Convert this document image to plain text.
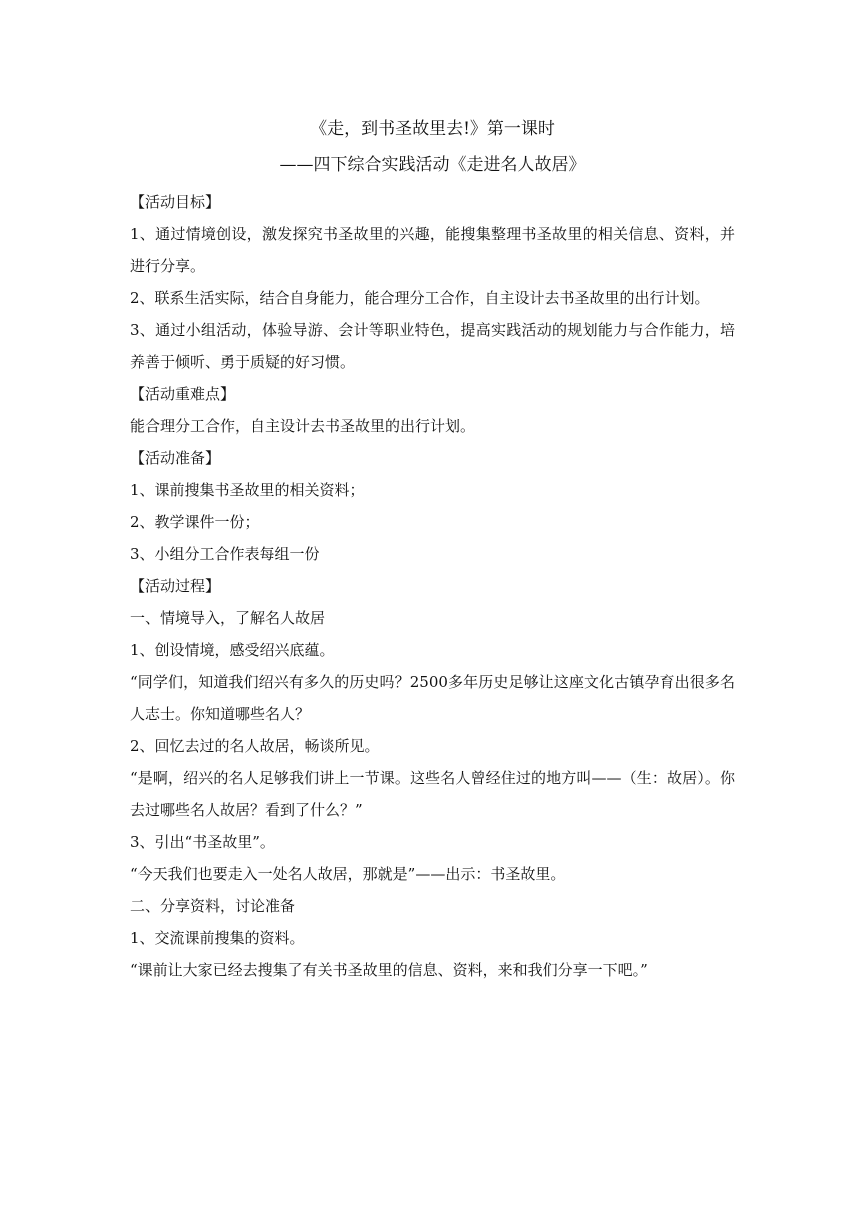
《走，到书圣故里去!》第一课时

——四下综合实践活动《走进名人故居》

【活动目标】

1、通过情境创设，激发探究书圣故里的兴趣，能搜集整理书圣故里的相关信息、资料，并进行分享。

2、联系生活实际，结合自身能力，能合理分工合作，自主设计去书圣故里的出行计划。

3、通过小组活动，体验导游、会计等职业特色，提高实践活动的规划能力与合作能力，培养善于倾听、勇于质疑的好习惯。

【活动重难点】

能合理分工合作，自主设计去书圣故里的出行计划。

【活动准备】

1、课前搜集书圣故里的相关资料；

2、教学课件一份；

3、小组分工合作表每组一份

【活动过程】

一、情境导入，了解名人故居

1、创设情境，感受绍兴底蕴。

“同学们，知道我们绍兴有多久的历史吗？2500多年历史足够让这座文化古镇孕育出很多名人志士。你知道哪些名人？

2、回忆去过的名人故居，畅谈所见。

“是啊，绍兴的名人足够我们讲上一节课。这些名人曾经住过的地方叫——（生：故居）。你去过哪些名人故居？看到了什么？”

3、引出“书圣故里”。

“今天我们也要走入一处名人故居，那就是”——出示：书圣故里。

二、分享资料，讨论准备

1、交流课前搜集的资料。

“课前让大家已经去搜集了有关书圣故里的信息、资料，来和我们分享一下吧。”
